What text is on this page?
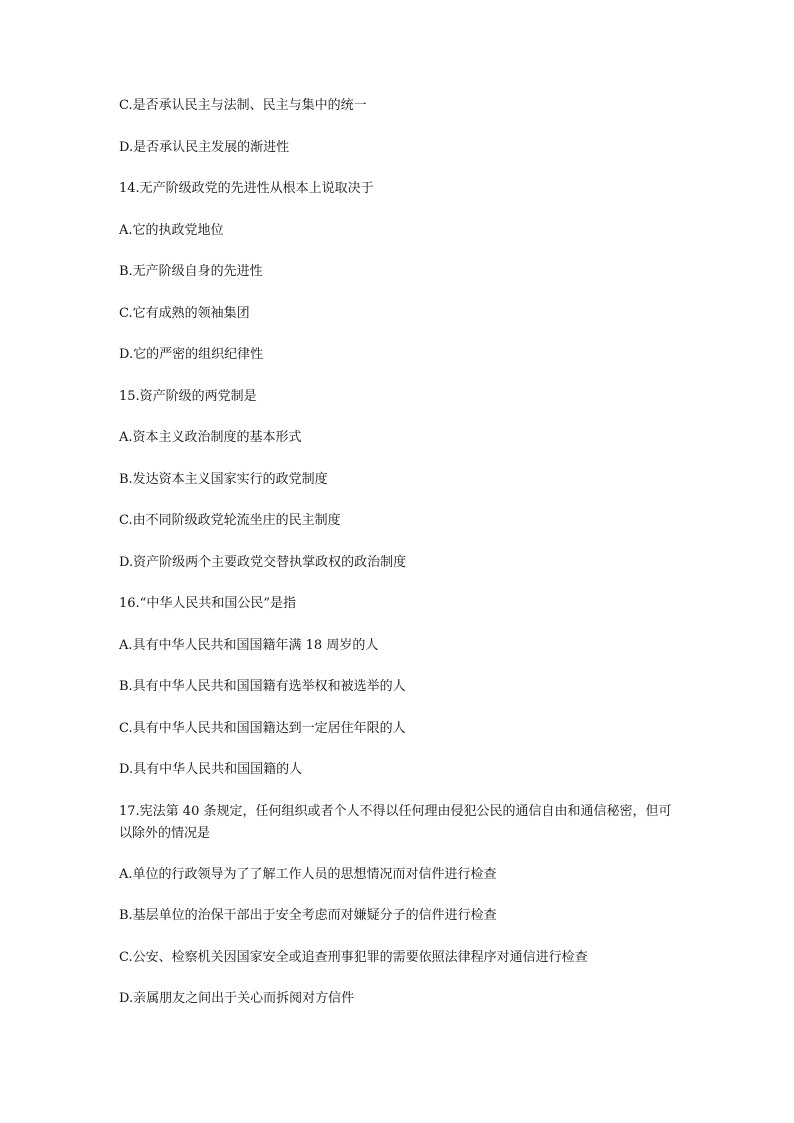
C.是否承认民主与法制、民主与集中的统一
D.是否承认民主发展的渐进性
14.无产阶级政党的先进性从根本上说取决于
A.它的执政党地位
B.无产阶级自身的先进性
C.它有成熟的领袖集团
D.它的严密的组织纪律性
15.资产阶级的两党制是
A.资本主义政治制度的基本形式
B.发达资本主义国家实行的政党制度
C.由不同阶级政党轮流坐庄的民主制度
D.资产阶级两个主要政党交替执掌政权的政治制度
16.“中华人民共和国公民”是指
A.具有中华人民共和国国籍年满 18 周岁的人
B.具有中华人民共和国国籍有选举权和被选举的人
C.具有中华人民共和国国籍达到一定居住年限的人
D.具有中华人民共和国国籍的人
17.宪法第 40 条规定，任何组织或者个人不得以任何理由侵犯公民的通信自由和通信秘密，但可以除外的情况是
A.单位的行政领导为了了解工作人员的思想情况而对信件进行检查
B.基层单位的治保干部出于安全考虑而对嫌疑分子的信件进行检查
C.公安、检察机关因国家安全或追查刑事犯罪的需要依照法律程序对通信进行检查
D.亲属朋友之间出于关心而拆阅对方信件
